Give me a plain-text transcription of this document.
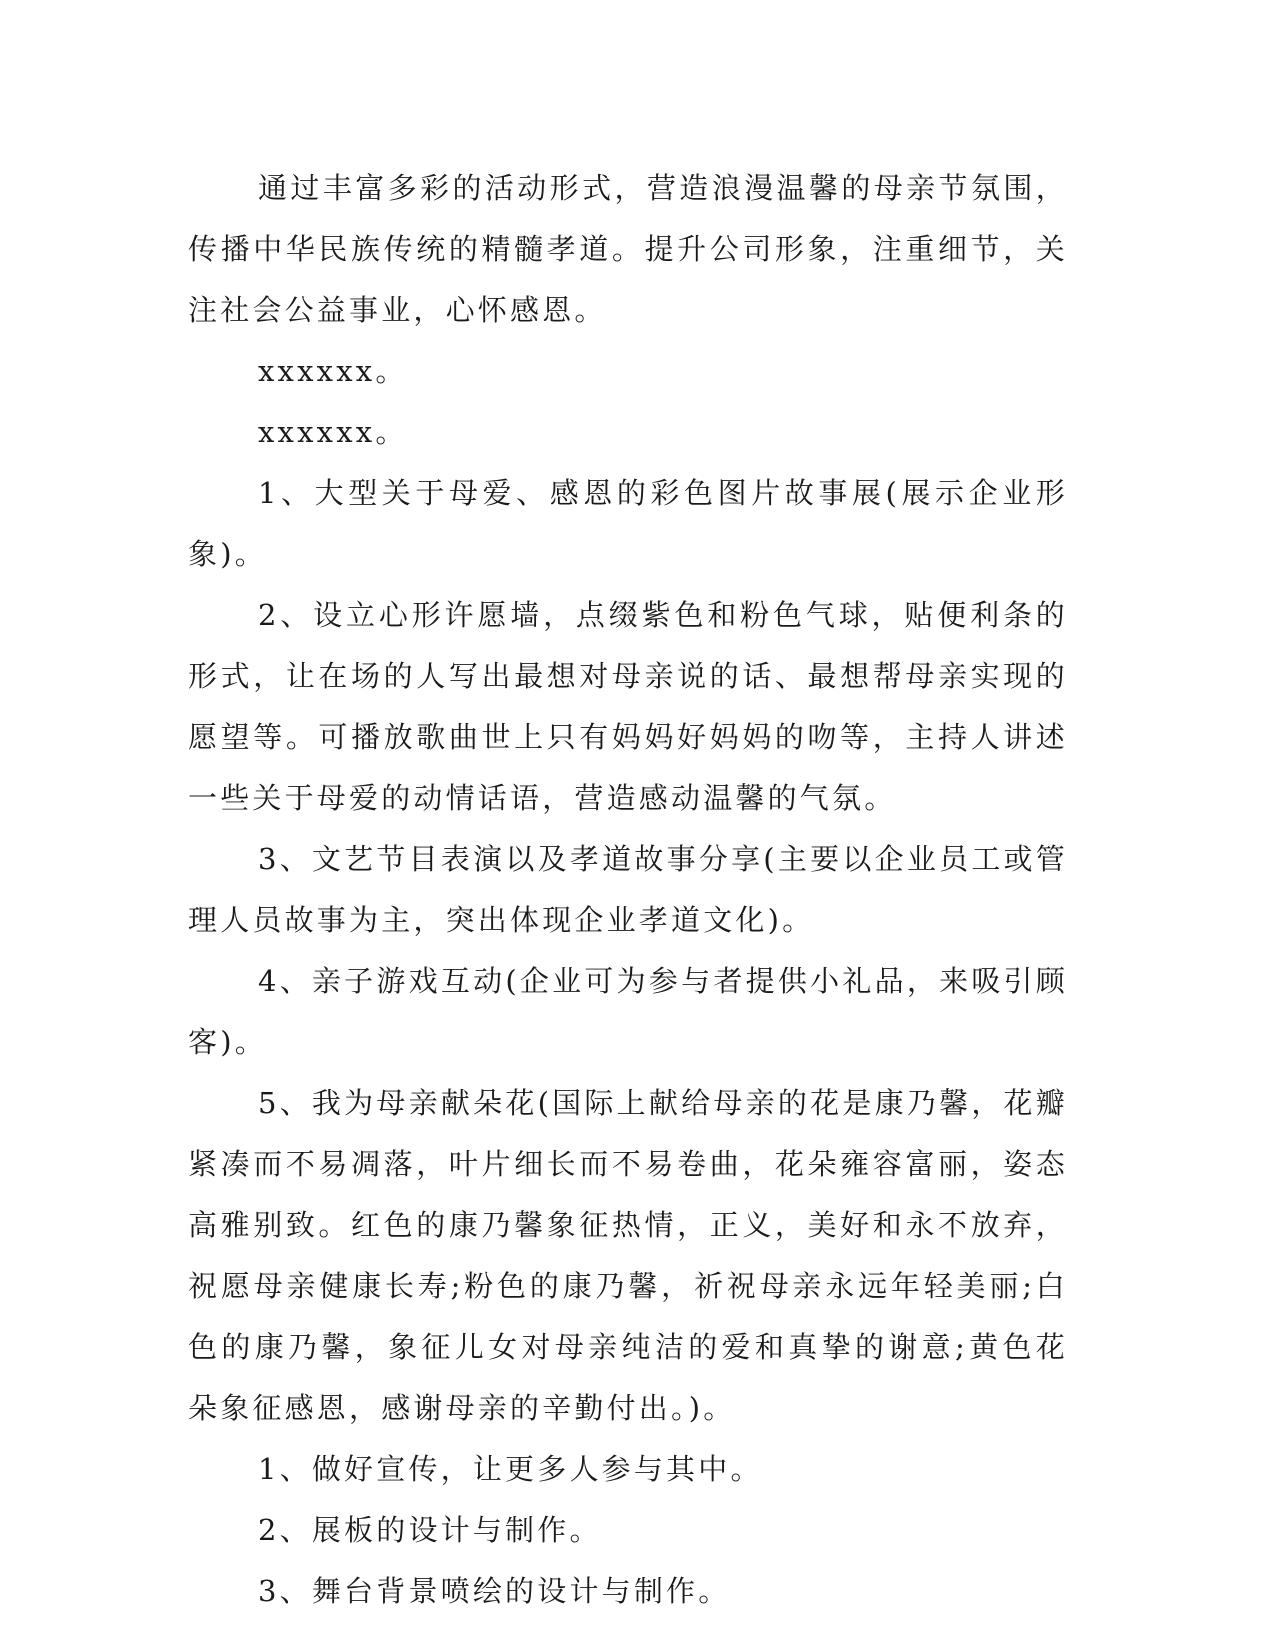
通过丰富多彩的活动形式，营造浪漫温馨的母亲节氛围，传播中华民族传统的精髓孝道。提升公司形象，注重细节，关注社会公益事业，心怀感恩。

xxxxxx。

xxxxxx。

1、大型关于母爱、感恩的彩色图片故事展(展示企业形象)。

2、设立心形许愿墙，点缀紫色和粉色气球，贴便利条的形式，让在场的人写出最想对母亲说的话、最想帮母亲实现的愿望等。可播放歌曲世上只有妈妈好妈妈的吻等，主持人讲述一些关于母爱的动情话语，营造感动温馨的气氛。

3、文艺节目表演以及孝道故事分享(主要以企业员工或管理人员故事为主，突出体现企业孝道文化)。

4、亲子游戏互动(企业可为参与者提供小礼品，来吸引顾客)。

5、我为母亲献朵花(国际上献给母亲的花是康乃馨，花瓣紧凑而不易凋落，叶片细长而不易卷曲，花朵雍容富丽，姿态高雅别致。红色的康乃馨象征热情，正义，美好和永不放弃，祝愿母亲健康长寿;粉色的康乃馨，祈祝母亲永远年轻美丽;白色的康乃馨，象征儿女对母亲纯洁的爱和真挚的谢意;黄色花朵象征感恩，感谢母亲的辛勤付出。)。

1、做好宣传，让更多人参与其中。

2、展板的设计与制作。

3、舞台背景喷绘的设计与制作。
